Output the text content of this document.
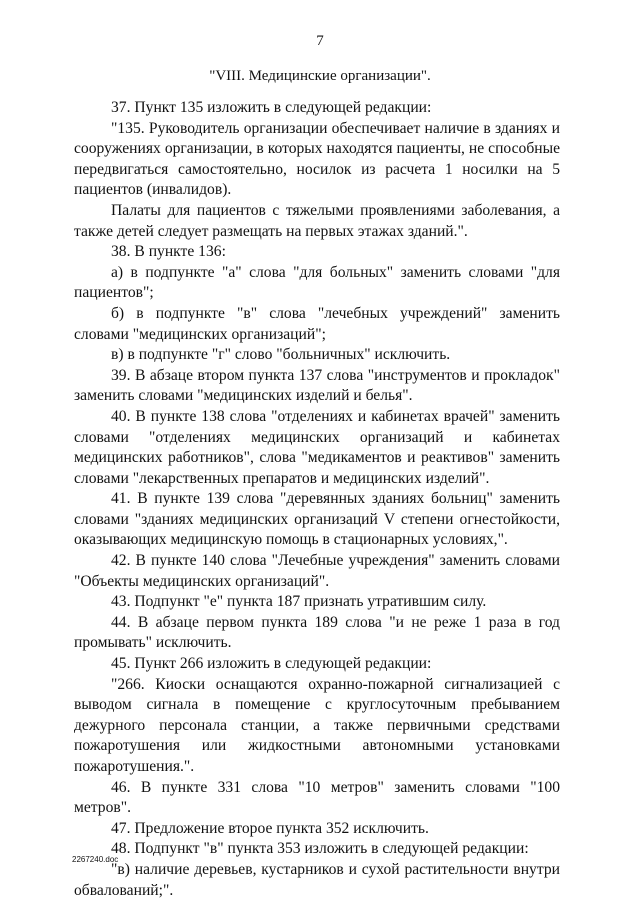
7
"VIII. Медицинские организации".

37. Пункт 135 изложить в следующей редакции:

"135. Руководитель организации обеспечивает наличие в зданиях и сооружениях организации, в которых находятся пациенты, не способные передвигаться самостоятельно, носилок из расчета 1 носилки на 5 пациентов (инвалидов).

Палаты для пациентов с тяжелыми проявлениями заболевания, а также детей следует размещать на первых этажах зданий.".

38. В пункте 136:

а) в подпункте "а" слова "для больных" заменить словами "для пациентов";

б) в подпункте "в" слова "лечебных учреждений" заменить словами "медицинских организаций";

в) в подпункте "г" слово "больничных" исключить.

39. В абзаце втором пункта 137 слова "инструментов и прокладок" заменить словами "медицинских изделий и белья".

40. В пункте 138 слова "отделениях и кабинетах врачей" заменить словами "отделениях медицинских организаций и кабинетах медицинских работников", слова "медикаментов и реактивов" заменить словами "лекарственных препаратов и медицинских изделий".

41. В пункте 139 слова "деревянных зданиях больниц" заменить словами "зданиях медицинских организаций V степени огнестойкости, оказывающих медицинскую помощь в стационарных условиях,".

42. В пункте 140 слова "Лечебные учреждения" заменить словами "Объекты медицинских организаций".

43. Подпункт "е" пункта 187 признать утратившим силу.

44. В абзаце первом пункта 189 слова "и не реже 1 раза в год промывать" исключить.

45. Пункт 266 изложить в следующей редакции:

"266. Киоски оснащаются охранно-пожарной сигнализацией с выводом сигнала в помещение с круглосуточным пребыванием дежурного персонала станции, а также первичными средствами пожаротушения или жидкостными автономными установками пожаротушения.".

46. В пункте 331 слова "10 метров" заменить словами "100 метров".

47. Предложение второе пункта 352 исключить.

48. Подпункт "в" пункта 353 изложить в следующей редакции:

"в) наличие деревьев, кустарников и сухой растительности внутри обвалований;".

2267240.doc
